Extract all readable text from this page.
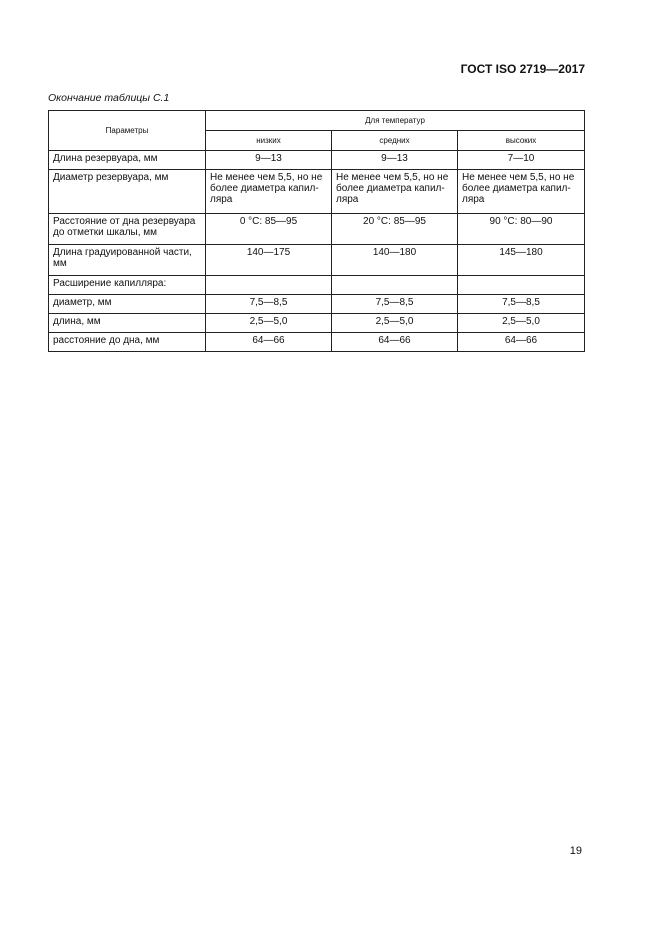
ГОСТ ISO 2719—2017
Окончание таблицы С.1
Параметры	Для температур		
	низких	средних	высоких
Длина резервуара, мм	9—13	9—13	7—10
Диаметр резервуара, мм	Не менее чем 5,5, но не более диаметра капил-ляра	Не менее чем 5,5, но не более диаметра капил-ляра	Не менее чем 5,5, но не более диаметра капил-ляра
Расстояние от дна резервуара до отметки шкалы, мм	0 °С: 85—95	20 °С: 85—95	90 °С: 80—90
Длина градуированной части, мм	140—175	140—180	145—180
Расширение капилляра:			
диаметр, мм	7,5—8,5	7,5—8,5	7,5—8,5
длина, мм	2,5—5,0	2,5—5,0	2,5—5,0
расстояние до дна, мм	64—66	64—66	64—66
19
